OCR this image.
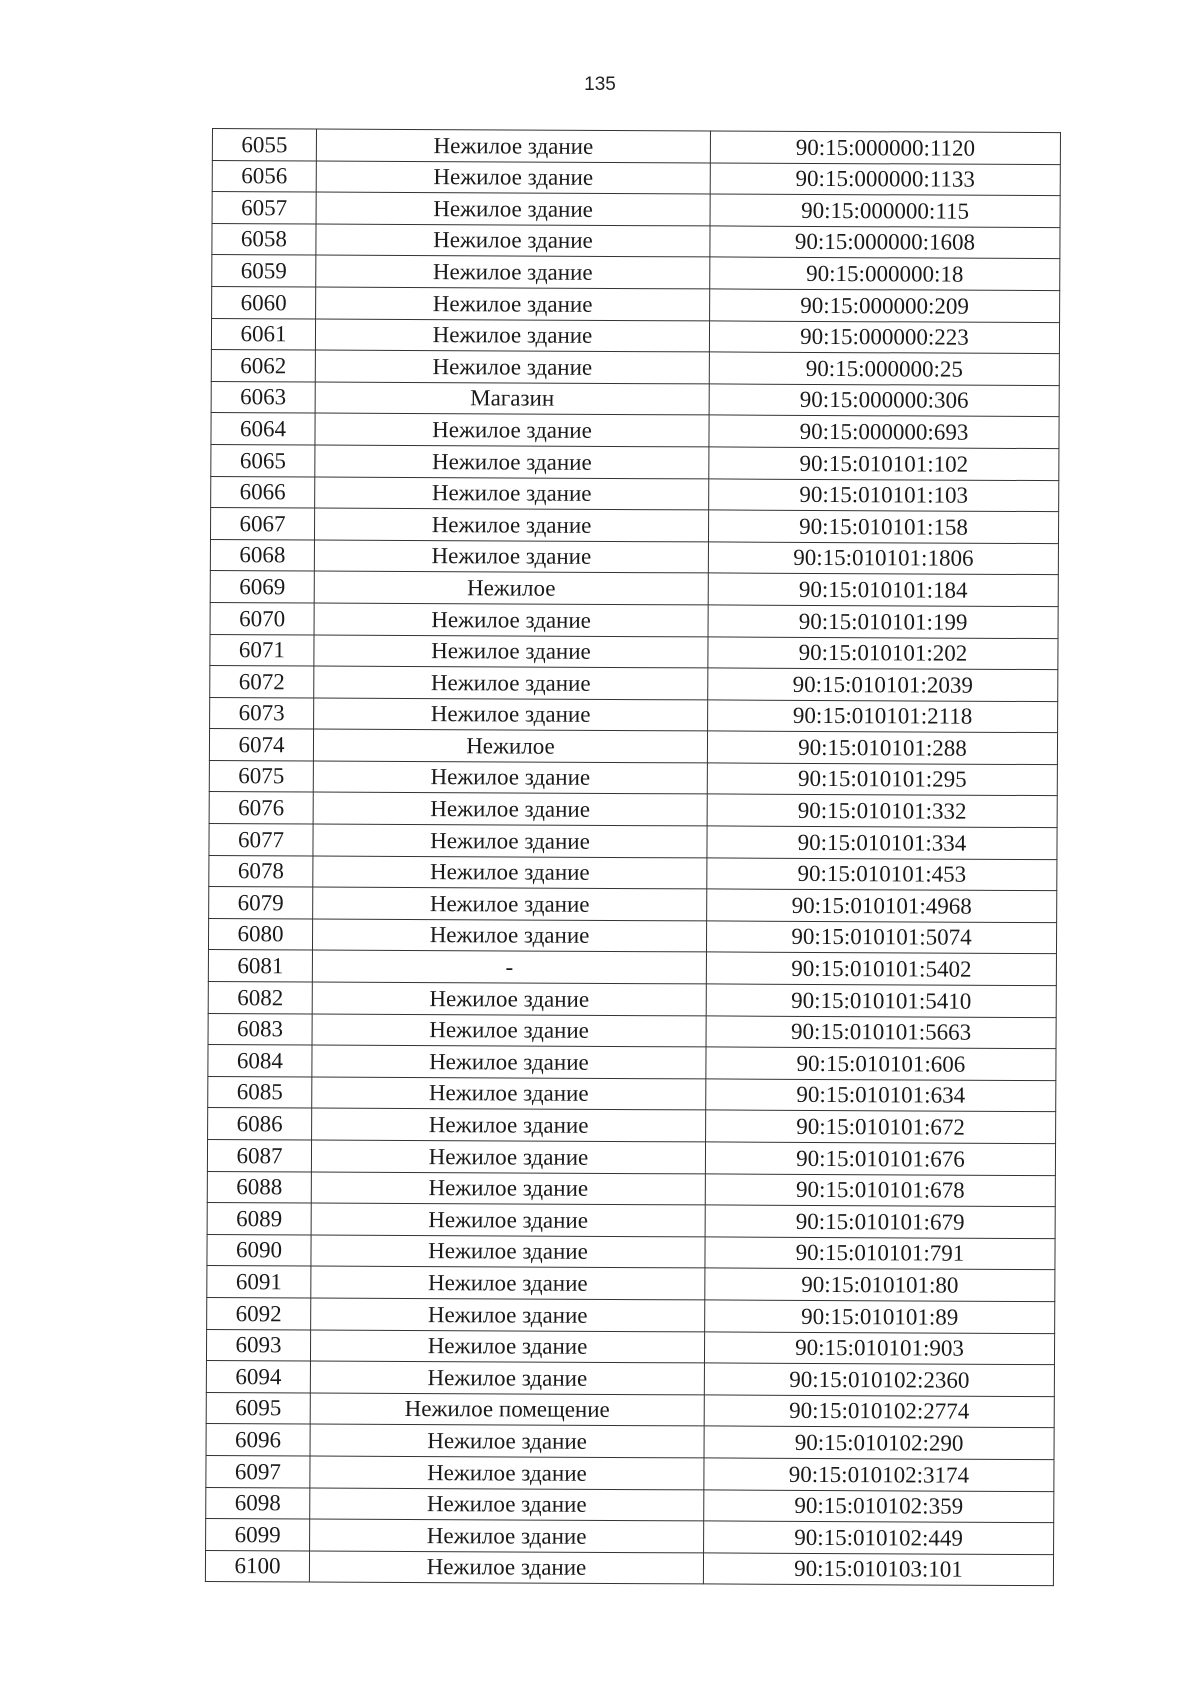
135
6055	Нежилое здание	90:15:000000:1120
6056	Нежилое здание	90:15:000000:1133
6057	Нежилое здание	90:15:000000:115
6058	Нежилое здание	90:15:000000:1608
6059	Нежилое здание	90:15:000000:18
6060	Нежилое здание	90:15:000000:209
6061	Нежилое здание	90:15:000000:223
6062	Нежилое здание	90:15:000000:25
6063	Магазин	90:15:000000:306
6064	Нежилое здание	90:15:000000:693
6065	Нежилое здание	90:15:010101:102
6066	Нежилое здание	90:15:010101:103
6067	Нежилое здание	90:15:010101:158
6068	Нежилое здание	90:15:010101:1806
6069	Нежилое	90:15:010101:184
6070	Нежилое здание	90:15:010101:199
6071	Нежилое здание	90:15:010101:202
6072	Нежилое здание	90:15:010101:2039
6073	Нежилое здание	90:15:010101:2118
6074	Нежилое	90:15:010101:288
6075	Нежилое здание	90:15:010101:295
6076	Нежилое здание	90:15:010101:332
6077	Нежилое здание	90:15:010101:334
6078	Нежилое здание	90:15:010101:453
6079	Нежилое здание	90:15:010101:4968
6080	Нежилое здание	90:15:010101:5074
6081	-	90:15:010101:5402
6082	Нежилое здание	90:15:010101:5410
6083	Нежилое здание	90:15:010101:5663
6084	Нежилое здание	90:15:010101:606
6085	Нежилое здание	90:15:010101:634
6086	Нежилое здание	90:15:010101:672
6087	Нежилое здание	90:15:010101:676
6088	Нежилое здание	90:15:010101:678
6089	Нежилое здание	90:15:010101:679
6090	Нежилое здание	90:15:010101:791
6091	Нежилое здание	90:15:010101:80
6092	Нежилое здание	90:15:010101:89
6093	Нежилое здание	90:15:010101:903
6094	Нежилое здание	90:15:010102:2360
6095	Нежилое помещение	90:15:010102:2774
6096	Нежилое здание	90:15:010102:290
6097	Нежилое здание	90:15:010102:3174
6098	Нежилое здание	90:15:010102:359
6099	Нежилое здание	90:15:010102:449
6100	Нежилое здание	90:15:010103:101
